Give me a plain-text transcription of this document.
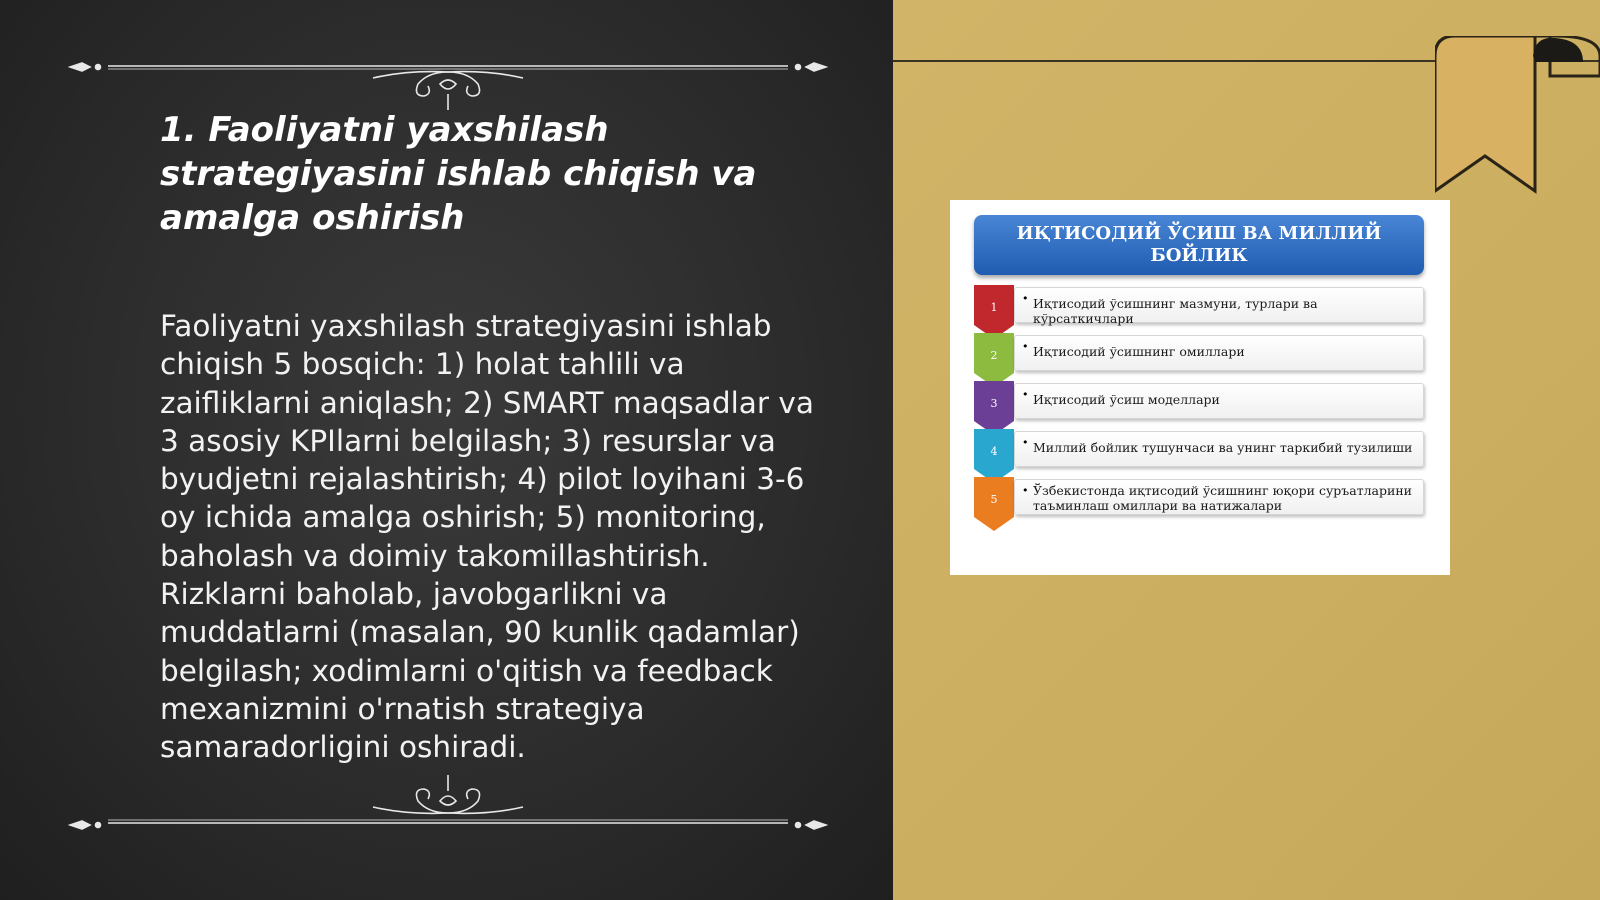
1. Faoliyatni yaxshilash strategiyasini ishlab chiqish va amalga oshirish

Faoliyatni yaxshilash strategiyasini ishlab chiqish 5 bosqich: 1) holat tahlili va zaifliklarni aniqlash; 2) SMART maqsadlar va 3 asosiy KPIlarni belgilash; 3) resurslar va byudjetni rejalashtirish; 4) pilot loyihani 3-6 oy ichida amalga oshirish; 5) monitoring, baholash va doimiy takomillashtirish. Rizklarni baholab, javobgarlikni va muddatlarni (masalan, 90 kunlik qadamlar) belgilash; xodimlarni o'qitish va feedback mexanizmini o'rnatish strategiya samaradorligini oshiradi.

ИҚТИСОДИЙ ЎСИШ ВА МИЛЛИЙ БОЙЛИК
1
• Иқтисодий ўсишнинг мазмуни, турлари ва кўрсаткичлари
2
• Иқтисодий ўсишнинг омиллари
3
• Иқтисодий ўсиш моделлари
4
• Миллий бойлик тушунчаси ва унинг таркибий тузилиши
5
• Ўзбекистонда иқтисодий ўсишнинг юқори суръатларини таъминлаш омиллари ва натижалари
